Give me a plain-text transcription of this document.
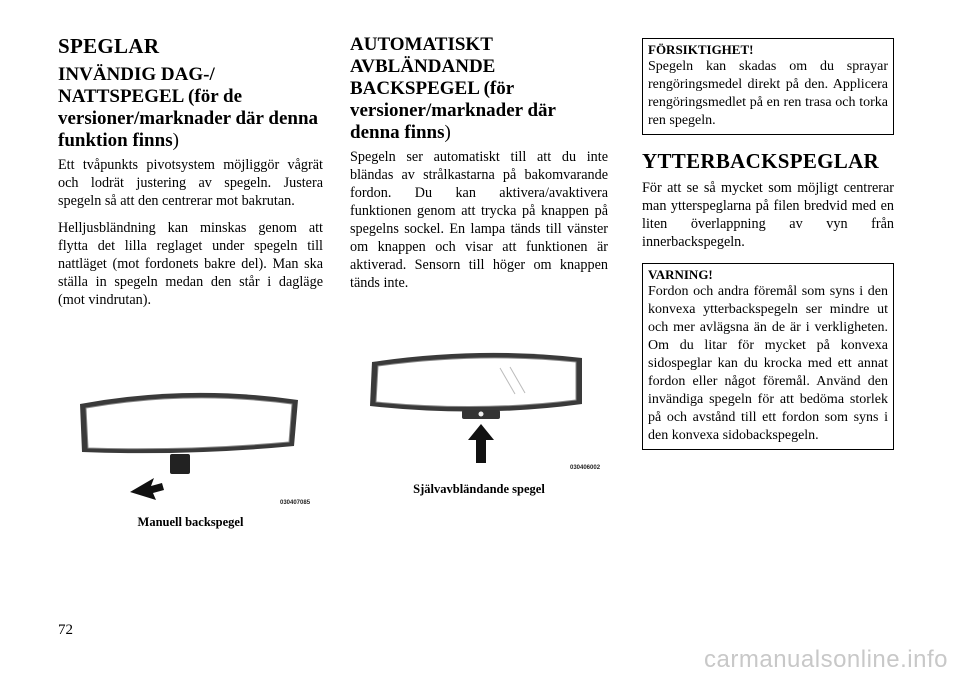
SPEGLAR
INVÄNDIG DAG-/ NATTSPEGEL (för de versioner/marknader där denna funktion finns)

Ett tvåpunkts pivotsystem möjliggör vågrät och lodrät justering av spegeln. Justera spegeln så att den centrerar mot bakrutan.

Helljusbländning kan minskas genom att flytta det lilla reglaget under spegeln till nattläget (mot fordonets bakre del). Man ska ställa in spegeln medan den står i dagläge (mot vindrutan).

030407085
Manuell backspegel
AUTOMATISKT AVBLÄNDANDE BACKSPEGEL (för versioner/marknader där denna finns)

Spegeln ser automatiskt till att du inte bländas av strålkastarna på bakomvarande fordon. Du kan aktivera/avaktivera funktionen genom att trycka på knappen på spegelns sockel. En lampa tänds till vänster om knappen och visar att funktionen är aktiverad. Sensorn till höger om knappen tänds inte.

030406002
Självavbländande spegel
FÖRSIKTIGHET!

Spegeln kan skadas om du sprayar rengöringsmedel direkt på den. Applicera rengöringsmedlet på en ren trasa och torka ren spegeln.

YTTERBACKSPEGLAR

För att se så mycket som möjligt centrerar man ytterspeglarna på filen bredvid med en liten överlappning av vyn från innerbackspegeln.

VARNING!

Fordon och andra föremål som syns i den konvexa ytterbackspegeln ser mindre ut och mer avlägsna än de är i verkligheten. Om du litar för mycket på konvexa sidospeglar kan du krocka med ett annat fordon eller något föremål. Använd den invändiga spegeln för att bedöma storlek på och avstånd till ett fordon som syns i den konvexa sidobackspegeln.

72
carmanualsonline.info
